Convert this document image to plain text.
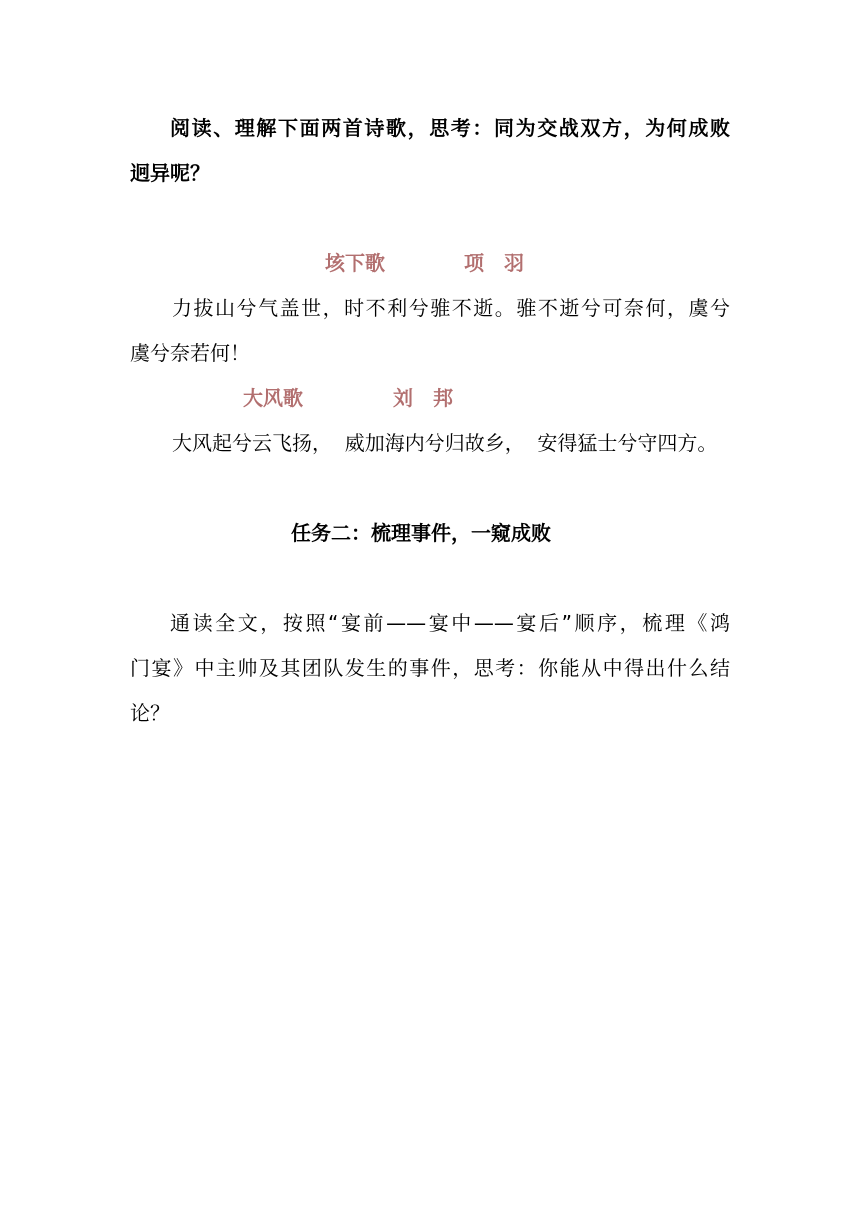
阅读、理解下面两首诗歌，思考：同为交战双方，为何成败
迥异呢？
垓下歌	项　羽
力拔山兮气盖世，时不利兮骓不逝。骓不逝兮可奈何，虞兮
虞兮奈若何！
大风歌	刘　邦
大风起兮云飞扬，  威加海内兮归故乡，  安得猛士兮守四方。
任务二：梳理事件，一窥成败
通读全文，按照“宴前——宴中——宴后”顺序，梳理《鸿
门宴》中主帅及其团队发生的事件，思考：你能从中得出什么结
论？
